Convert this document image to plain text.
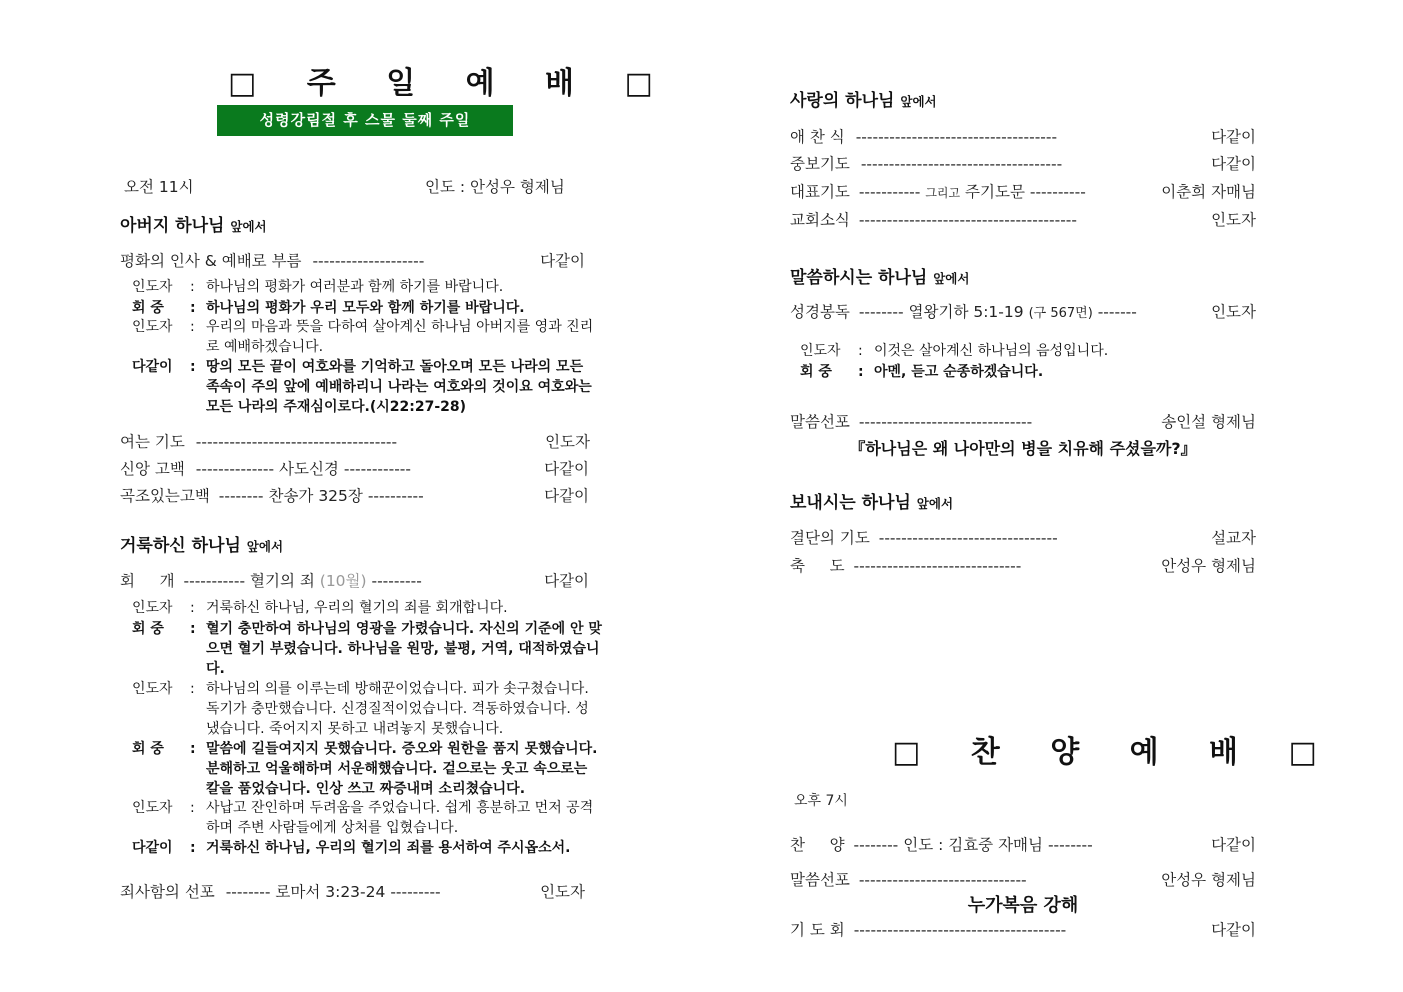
□ 주 일 예 배 □
성령강림절 후 스물 둘째 주일
오전 11시	인도 : 안성우 형제님
아버지 하나님 앞에서
평화의 인사 & 예배로 부름 --------------------	다같이
인도자	: 하나님의 평화가 여러분과 함께 하기를 바랍니다.
회 중	: 하나님의 평화가 우리 모두와 함께 하기를 바랍니다.
인도자	: 우리의 마음과 뜻을 다하여 살아계신 하나님 아버지를 영과 진리로 예배하겠습니다.
다같이	: 땅의 모든 끝이 여호와를 기억하고 돌아오며 모든 나라의 모든 족속이 주의 앞에 예배하리니 나라는 여호와의 것이요 여호와는 모든 나라의 주재심이로다.(시22:27-28)
여는 기도 ------------------------------------	인도자
신앙 고백 -------------- 사도신경 ------------	다같이
곡조있는고백 -------- 찬송가 325장 ----------	다같이
거룩하신 하나님 앞에서
회     개 ----------- 혈기의 죄 (10월) ---------	다같이
인도자	: 거룩하신 하나님, 우리의 혈기의 죄를 회개합니다.
회 중	: 혈기 충만하여 하나님의 영광을 가렸습니다. 자신의 기준에 안 맞으면 혈기 부렸습니다. 하나님을 원망, 불평, 거역, 대적하였습니다.
인도자	: 하나님의 의를 이루는데 방해꾼이었습니다. 피가 솟구쳤습니다. 독기가 충만했습니다. 신경질적이었습니다. 격동하였습니다. 성냈습니다. 죽어지지 못하고 내려놓지 못했습니다.
회 중	: 말씀에 길들여지지 못했습니다. 증오와 원한을 품지 못했습니다. 분해하고 억울해하며 서운해했습니다. 겉으로는 웃고 속으로는 칼을 품었습니다. 인상 쓰고 짜증내며 소리쳤습니다.
인도자	: 사납고 잔인하며 두려움을 주었습니다. 쉽게 흥분하고 먼저 공격하며 주변 사람들에게 상처를 입혔습니다.
다같이	: 거룩하신 하나님, 우리의 혈기의 죄를 용서하여 주시옵소서.
죄사함의 선포 -------- 로마서 3:23-24 ---------	인도자
사랑의 하나님 앞에서
애 찬 식 ------------------------------------	다같이
중보기도 ------------------------------------	다같이
대표기도 ----------- 그리고 주기도문 ----------	이춘희 자매님
교회소식 ---------------------------------------	인도자
말씀하시는 하나님 앞에서
성경봉독 -------- 열왕기하 5:1-19 (구 567면) -------	인도자
인도자	: 이것은 살아계신 하나님의 음성입니다.
회 중	: 아멘, 듣고 순종하겠습니다.
말씀선포 -------------------------------	송인설 형제님
『하나님은 왜 나아만의 병을 치유해 주셨을까?』
보내시는 하나님 앞에서
결단의 기도 --------------------------------	설교자
축     도 ------------------------------	안성우 형제님
□ 찬 양 예 배 □
오후 7시
찬     양 -------- 인도 : 김효중 자매님 --------	다같이
말씀선포 ------------------------------	안성우 형제님
누가복음 강해
기 도 회 --------------------------------------	다같이
